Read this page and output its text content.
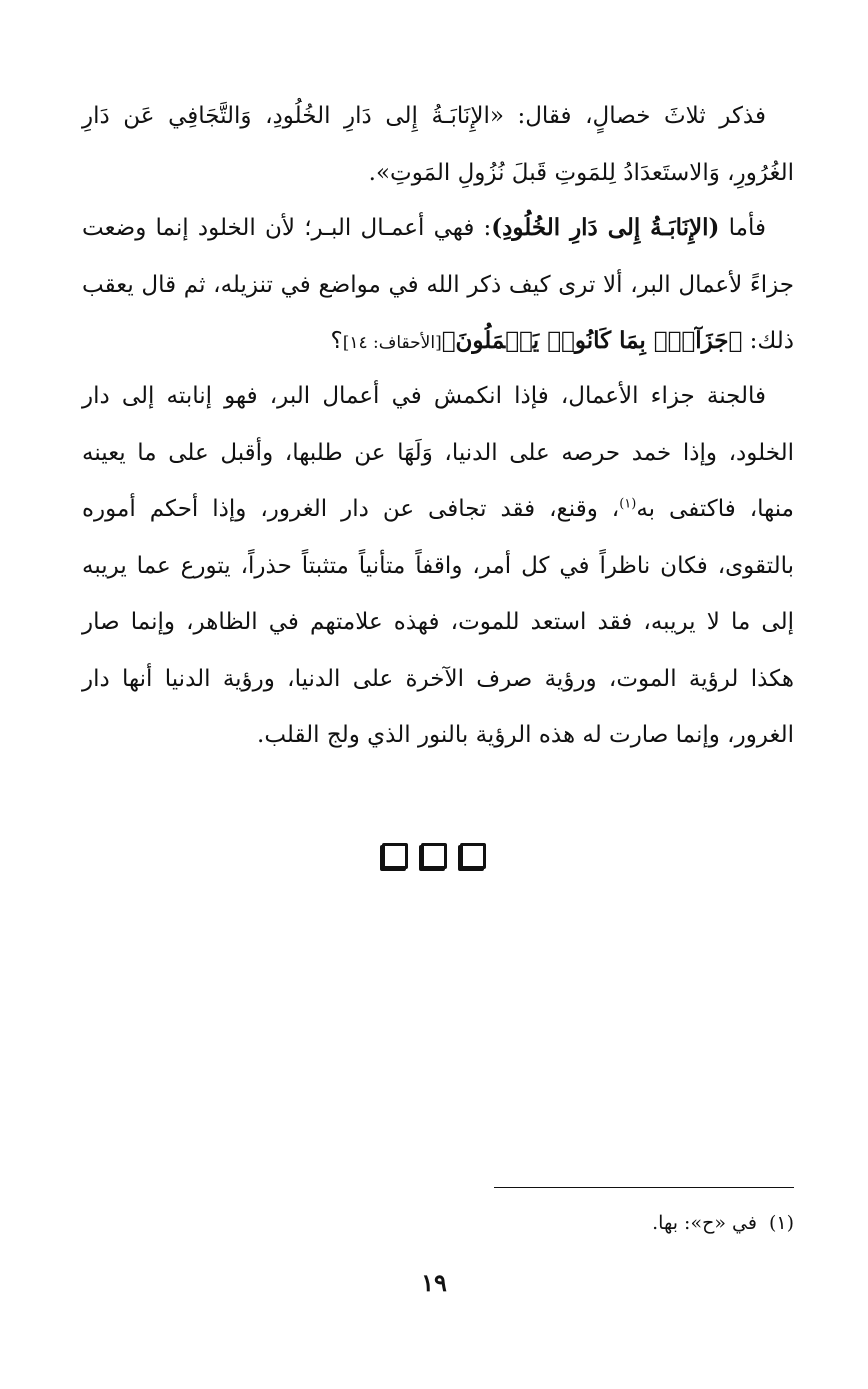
فذكر ثلاثَ خصالٍ، فقال: «الإِنَابَـةُ إِلى دَارِ الخُلُودِ، وَالتَّجَافِي عَن دَارِ الغُرُورِ، وَالاستَعدَادُ لِلمَوتِ قَبلَ نُزُولِ المَوتِ».

فأما (الإِنَابَـةُ إِلى دَارِ الخُلُودِ): فهي أعمـال البـر؛ لأن الخلود إنما وضعت جزاءً لأعمال البر، ألا ترى كيف ذكر الله في مواضع في تنزيله، ثم قال يعقب ذلك: ﴿جَزَآءَۢ بِمَا كَانُوا۟ يَعۡمَلُونَ﴾[الأحقاف: ١٤]؟

فالجنة جزاء الأعمال، فإذا انكمش في أعمال البر، فهو إنابته إلى دار الخلود، وإذا خمد حرصه على الدنيا، وَلَهَا عن طلبها، وأقبل على ما يعينه منها، فاكتفى به$^{(١)}$، وقنع، فقد تجافى عن دار الغرور، وإذا أحكم أموره بالتقوى، فكان ناظراً في كل أمر، واقفاً متأنياً متثبتاً حذراً، يتورع عما يريبه إلى ما لا يريبه، فقد استعد للموت، فهذه علامتهم في الظاهر، وإنما صار هكذا لرؤية الموت، ورؤية صرف الآخرة على الدنيا، ورؤية الدنيا أنها دار الغرور، وإنما صارت له هذه الرؤية بالنور الذي ولج القلب.

(١)في «ح»: بها.
١٩
